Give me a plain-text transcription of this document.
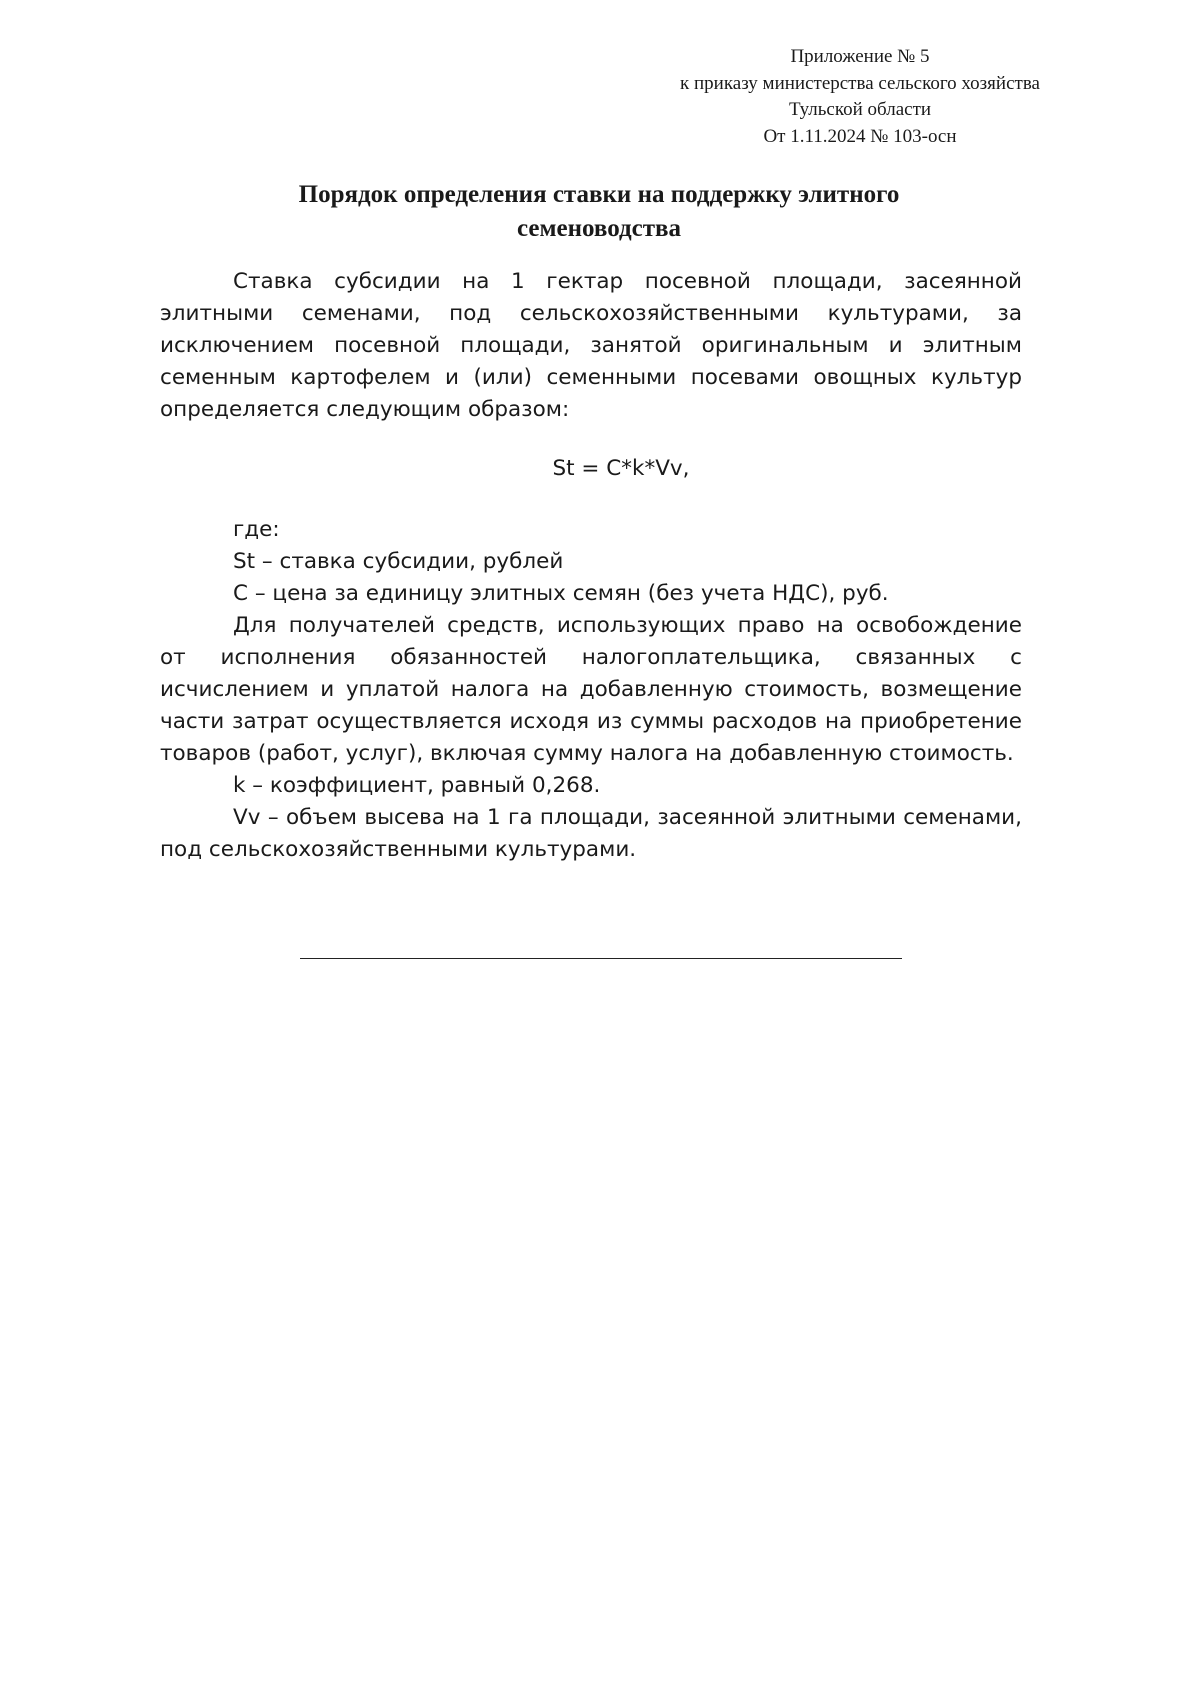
Приложение № 5
к приказу министерства сельского хозяйства
Тульской области
От 1.11.2024 № 103-осн
Порядок определения ставки на поддержку элитного
семеноводства

Ставка субсидии на 1 гектар посевной площади, засеянной элитными семенами, под сельскохозяйственными культурами, за исключением посевной площади, занятой оригинальным и элитным семенным картофелем и (или) семенными посевами овощных культур определяется следующим образом:

St = C*k*Vv,

где:

St – ставка субсидии, рублей

С – цена за единицу элитных семян (без учета НДС), руб.

Для получателей средств, использующих право на освобождение от исполнения обязанностей налогоплательщика, связанных с исчислением и уплатой налога на добавленную стоимость, возмещение части затрат осуществляется исходя из суммы расходов на приобретение товаров (работ, услуг), включая сумму налога на добавленную стоимость.

k – коэффициент, равный 0,268.

Vv – объем высева на 1 га площади, засеянной элитными семенами, под сельскохозяйственными культурами.
